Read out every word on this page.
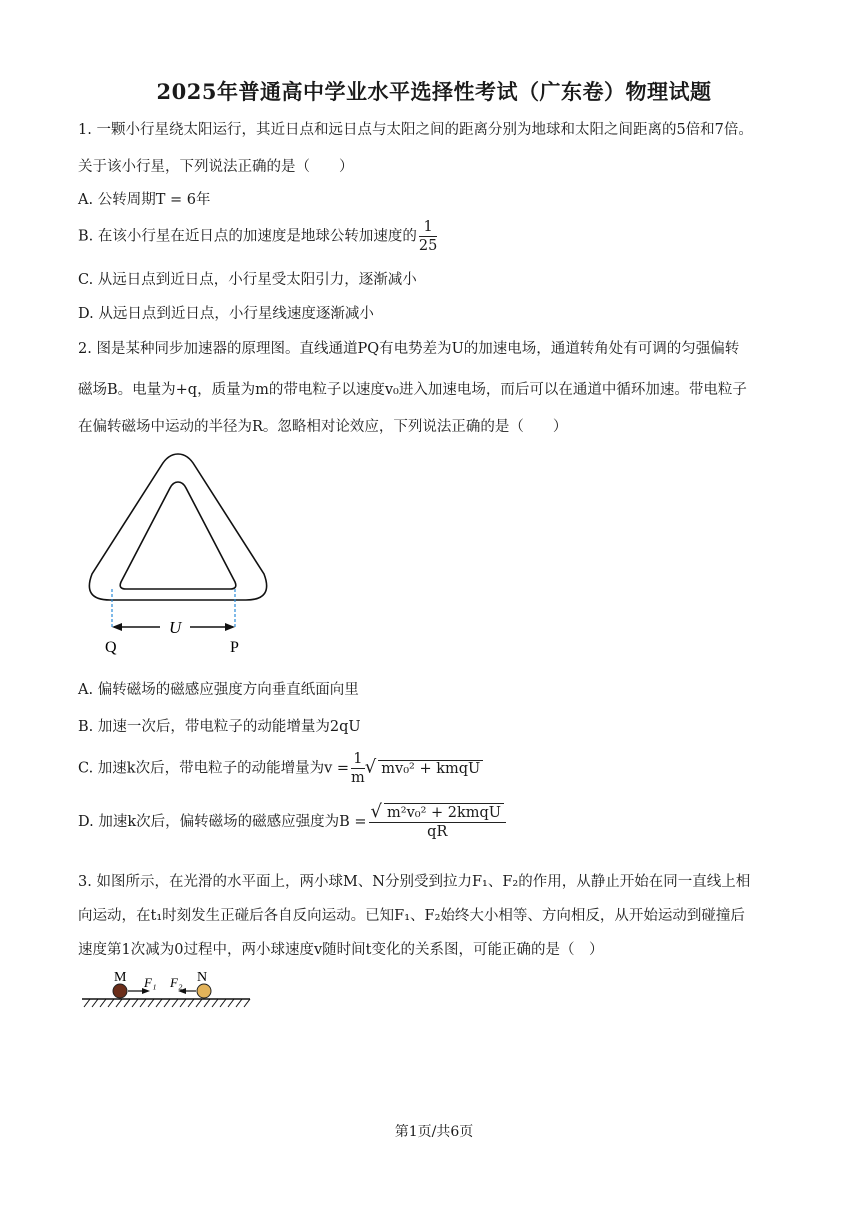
2025年普通高中学业水平选择性考试（广东卷）物理试题
1. 一颗小行星绕太阳运行，其近日点和远日点与太阳之间的距离分别为地球和太阳之间距离的5倍和7倍。
关于该小行星，下列说法正确的是（　　）
A. 公转周期T = 6年
B. 在该小行星在近日点的加速度是地球公转加速度的 $\frac{1}{25}$
C. 从远日点到近日点，小行星受太阳引力，逐渐减小
D. 从远日点到近日点，小行星线速度逐渐减小
2. 图是某种同步加速器的原理图。直线通道PQ有电势差为U的加速电场，通道转角处有可调的匀强偏转
磁场B。电量为+q，质量为m的带电粒子以速度v₀进入加速电场，而后可以在通道中循环加速。带电粒子
在偏转磁场中运动的半径为R。忽略相对论效应，下列说法正确的是（　　）
U
Q	P
A. 偏转磁场的磁感应强度方向垂直纸面向里
B. 加速一次后，带电粒子的动能增量为2qU
C. 加速k次后，带电粒子的动能增量为$v = \frac{1}{m}$ √ mv₀² + kmqU
D. 加速k次后，偏转磁场的磁感应强度为$B = \frac{\text{√ m²v₀² + 2kmqU}}{qR}$
3. 如图所示，在光滑的水平面上，两小球M、N分别受到拉力F₁、F₂的作用，从静止开始在同一直线上相
向运动，在t₁时刻发生正碰后各自反向运动。已知F₁、F₂始终大小相等、方向相反，从开始运动到碰撞后
速度第1次减为0过程中，两小球速度v随时间t变化的关系图，可能正确的是（　）
M	N
F₁ F₂
第1页/共6页
